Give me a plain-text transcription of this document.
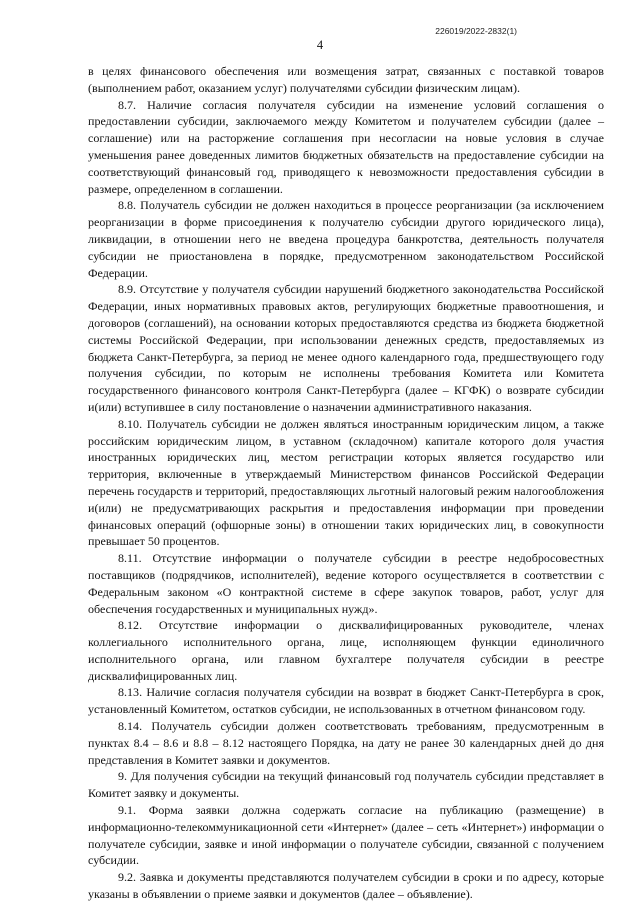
226019/2022-2832(1)
4

в целях финансового обеспечения или возмещения затрат, связанных с поставкой товаров (выполнением работ, оказанием услуг) получателями субсидии физическим лицам).

8.7. Наличие согласия получателя субсидии на изменение условий соглашения о предоставлении субсидии, заключаемого между Комитетом и получателем субсидии (далее – соглашение) или на расторжение соглашения при несогласии на новые условия в случае уменьшения ранее доведенных лимитов бюджетных обязательств на предоставление субсидии на соответствующий финансовый год, приводящего к невозможности предоставления субсидии в размере, определенном в соглашении.

8.8. Получатель субсидии не должен находиться в процессе реорганизации (за исключением реорганизации в форме присоединения к получателю субсидии другого юридического лица), ликвидации, в отношении него не введена процедура банкротства, деятельность получателя субсидии не приостановлена в порядке, предусмотренном законодательством Российской Федерации.

8.9. Отсутствие у получателя субсидии нарушений бюджетного законодательства Российской Федерации, иных нормативных правовых актов, регулирующих бюджетные правоотношения, и договоров (соглашений), на основании которых предоставляются средства из бюджета бюджетной системы Российской Федерации, при использовании денежных средств, предоставляемых из бюджета Санкт-Петербурга, за период не менее одного календарного года, предшествующего году получения субсидии, по которым не исполнены требования Комитета или Комитета государственного финансового контроля Санкт-Петербурга (далее – КГФК) о возврате субсидии и(или) вступившее в силу постановление о назначении административного наказания.

8.10. Получатель субсидии не должен являться иностранным юридическим лицом, а также российским юридическим лицом, в уставном (складочном) капитале которого доля участия иностранных юридических лиц, местом регистрации которых является государство или территория, включенные в утверждаемый Министерством финансов Российской Федерации перечень государств и территорий, предоставляющих льготный налоговый режим налогообложения и(или) не предусматривающих раскрытия и предоставления информации при проведении финансовых операций (офшорные зоны) в отношении таких юридических лиц, в совокупности превышает 50 процентов.

8.11. Отсутствие информации о получателе субсидии в реестре недобросовестных поставщиков (подрядчиков, исполнителей), ведение которого осуществляется в соответствии с Федеральным законом «О контрактной системе в сфере закупок товаров, работ, услуг для обеспечения государственных и муниципальных нужд».

8.12. Отсутствие информации о дисквалифицированных руководителе, членах коллегиального исполнительного органа, лице, исполняющем функции единоличного исполнительного органа, или главном бухгалтере получателя субсидии в реестре дисквалифицированных лиц.

8.13. Наличие согласия получателя субсидии на возврат в бюджет Санкт-Петербурга в срок, установленный Комитетом, остатков субсидии, не использованных в отчетном финансовом году.

8.14. Получатель субсидии должен соответствовать требованиям, предусмотренным в пунктах 8.4 – 8.6 и 8.8 – 8.12 настоящего Порядка, на дату не ранее 30 календарных дней до дня представления в Комитет заявки и документов.

9. Для получения субсидии на текущий финансовый год получатель субсидии представляет в Комитет заявку и документы.

9.1. Форма заявки должна содержать согласие на публикацию (размещение) в информационно-телекоммуникационной сети «Интернет» (далее – сеть «Интернет») информации о получателе субсидии, заявке и иной информации о получателе субсидии, связанной с получением субсидии.

9.2. Заявка и документы представляются получателем субсидии в сроки и по адресу, которые указаны в объявлении о приеме заявки и документов (далее – объявление).
